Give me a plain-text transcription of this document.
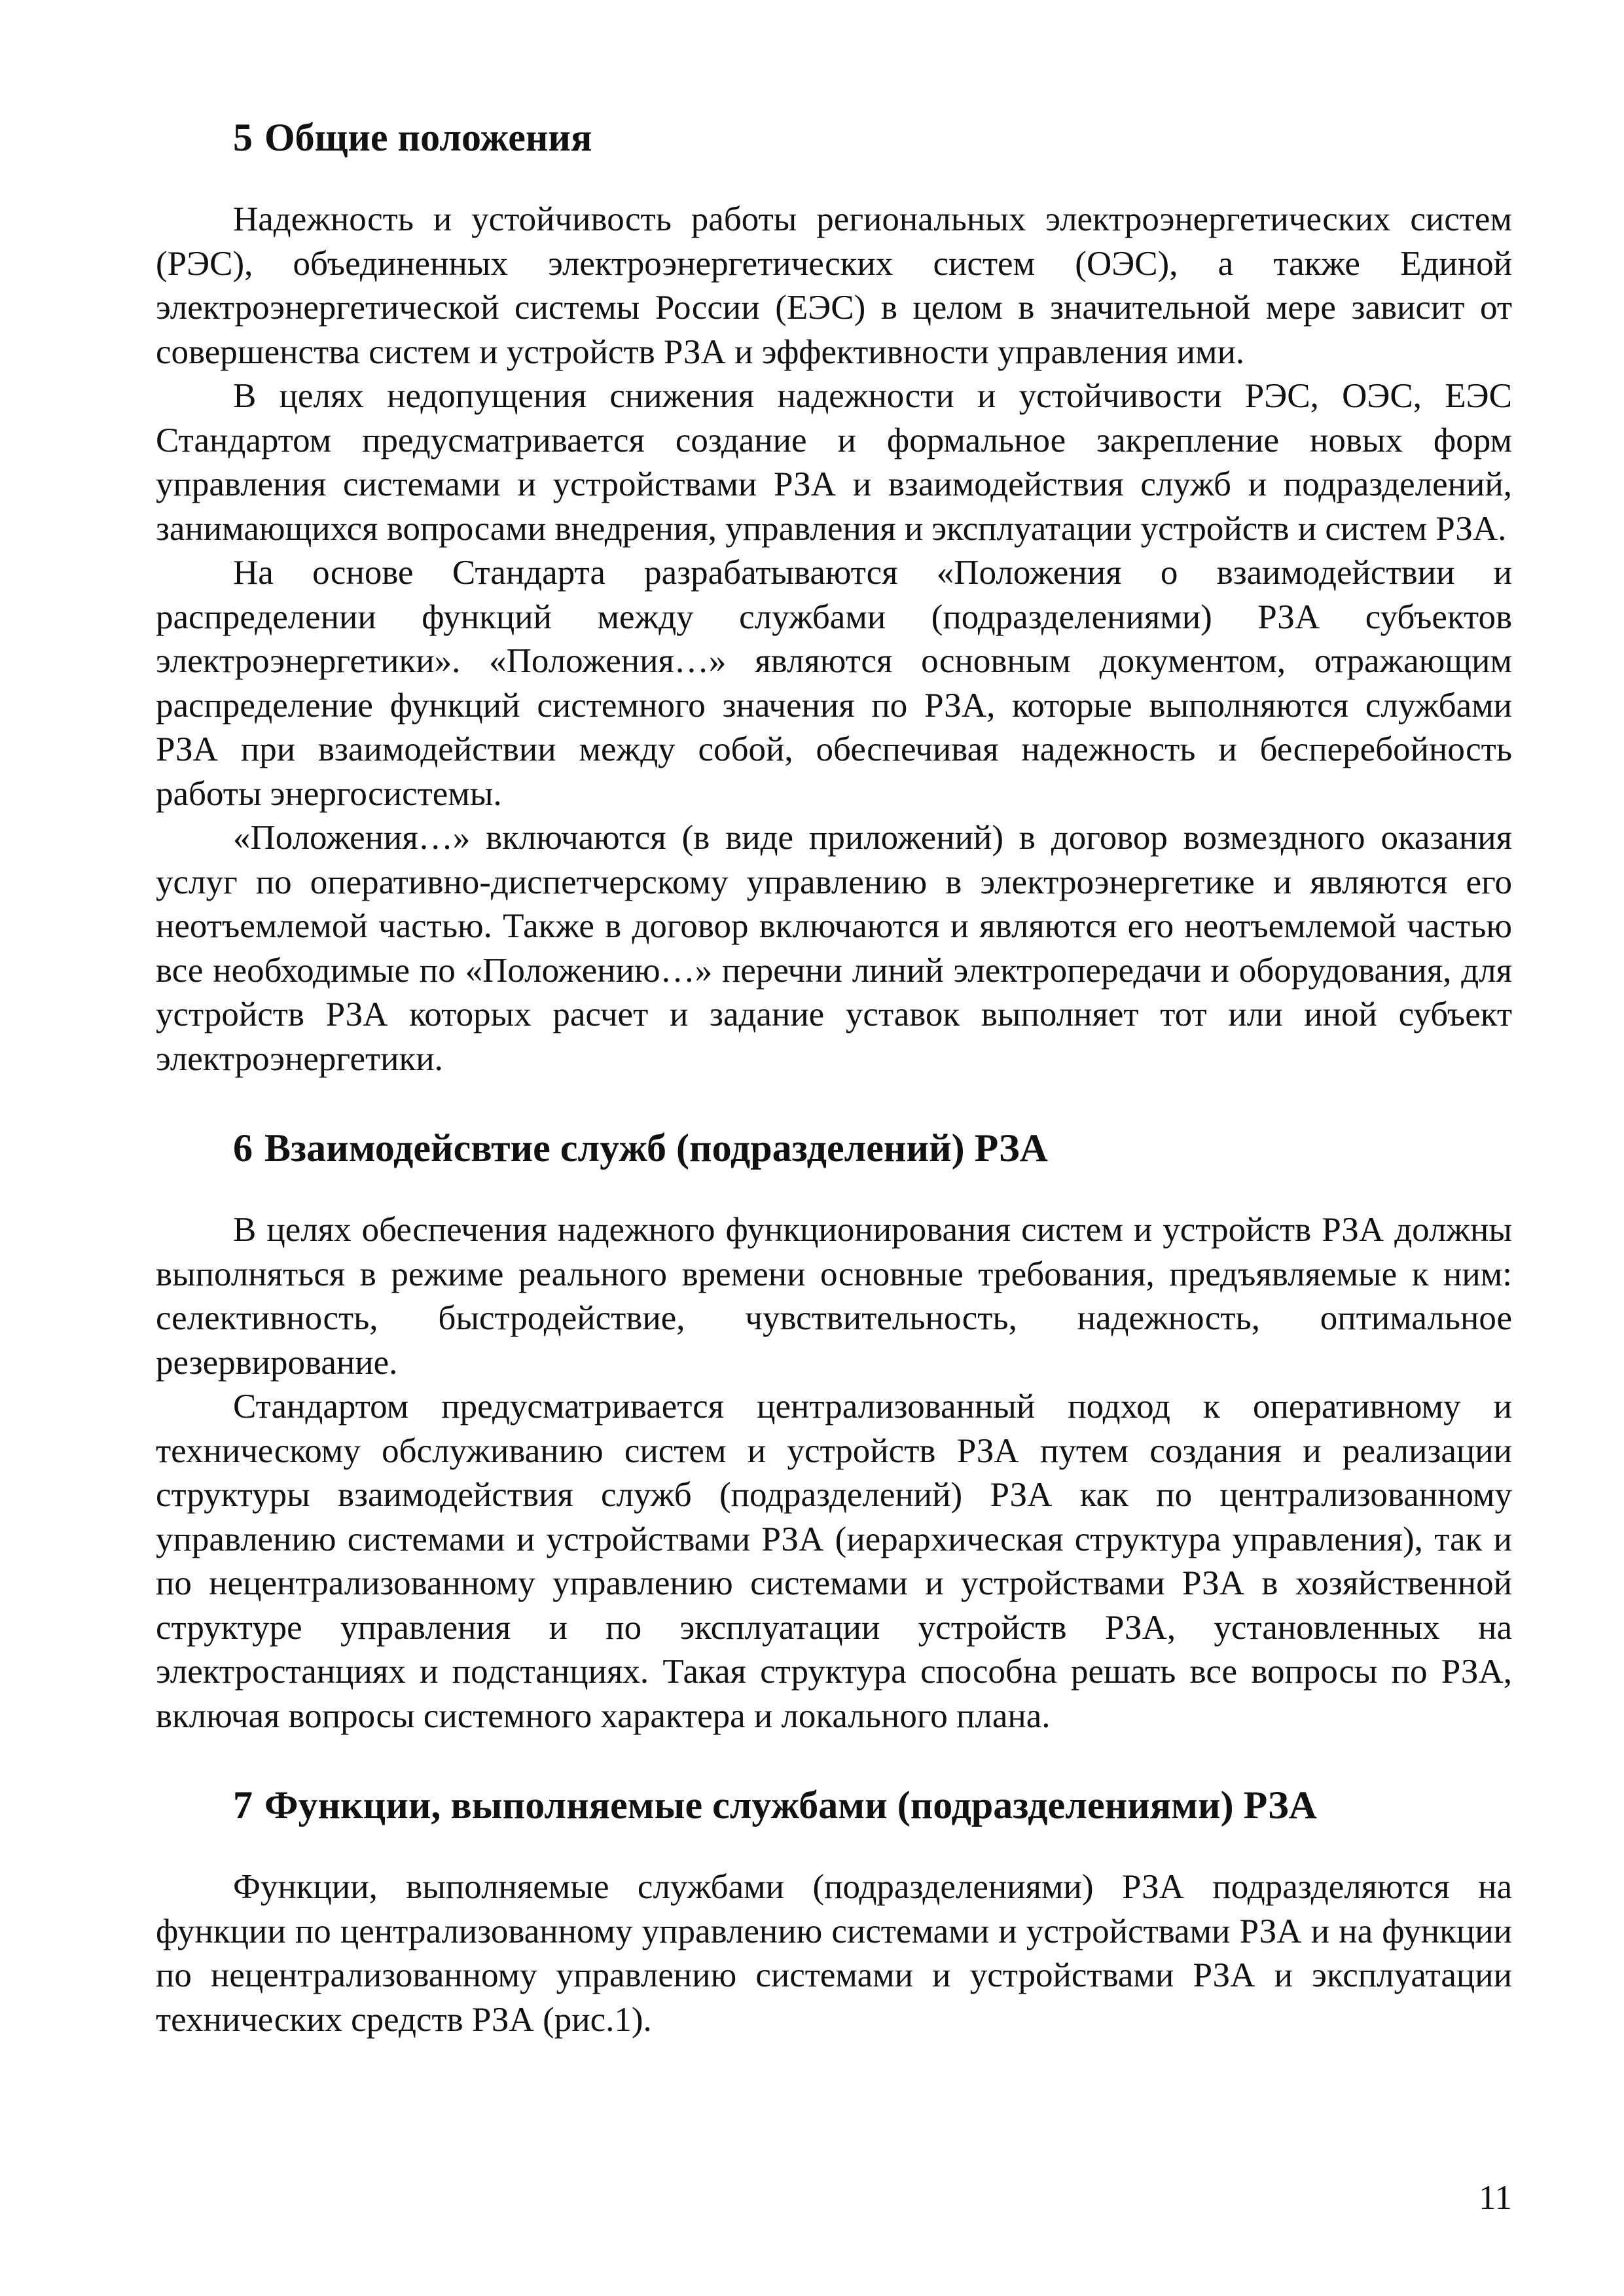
5 Общие положения

Надежность и устойчивость работы региональных электроэнергетических систем (РЭС), объединенных электроэнергетических систем (ОЭС), а также Единой электроэнергетической системы России (ЕЭС) в целом в значительной мере зависит от совершенства систем и устройств РЗА и эффективности управления ими.

В целях недопущения снижения надежности и устойчивости РЭС, ОЭС, ЕЭС Стандартом предусматривается создание и формальное закрепление новых форм управления системами и устройствами РЗА и взаимодействия служб и подразделений, занимающихся вопросами внедрения, управления и эксплуатации устройств и систем РЗА.

На основе Стандарта разрабатываются «Положения о взаимодействии и распределении функций между службами (подразделениями) РЗА субъектов электроэнергетики». «Положения…» являются основным документом, отражающим распределение функций системного значения по РЗА, которые выполняются службами РЗА при взаимодействии между собой, обеспечивая надежность и бесперебойность работы энергосистемы.

«Положения…» включаются (в виде приложений) в договор возмездного оказания услуг по оперативно-диспетчерскому управлению в электроэнергетике и являются его неотъемлемой частью. Также в договор включаются и являются его неотъемлемой частью все необходимые по «Положению…» перечни линий электропередачи и оборудования, для устройств РЗА которых расчет и задание уставок выполняет тот или иной субъект электроэнергетики.

6 Взаимодейсвтие служб (подразделений) РЗА

В целях обеспечения надежного функционирования систем и устройств РЗА должны выполняться в режиме реального времени основные требования, предъявляемые к ним: селективность, быстродействие, чувствительность, надежность, оптимальное резервирование.

Стандартом предусматривается централизованный подход к оперативному и техническому обслуживанию систем и устройств РЗА путем создания и реализации структуры взаимодействия служб (подразделений) РЗА как по централизованному управлению системами и устройствами РЗА (иерархическая структура управления), так и по нецентрализованному управлению системами и устройствами РЗА в хозяйственной структуре управления и по эксплуатации устройств РЗА, установленных на электростанциях и подстанциях. Такая структура способна решать все вопросы по РЗА, включая вопросы системного характера и локального плана.

7 Функции, выполняемые службами (подразделениями) РЗА

Функции, выполняемые службами (подразделениями) РЗА подразделяются на функции по централизованному управлению системами и устройствами РЗА и на функции по нецентрализованному управлению системами и устройствами РЗА и эксплуатации технических средств РЗА (рис.1).

11
